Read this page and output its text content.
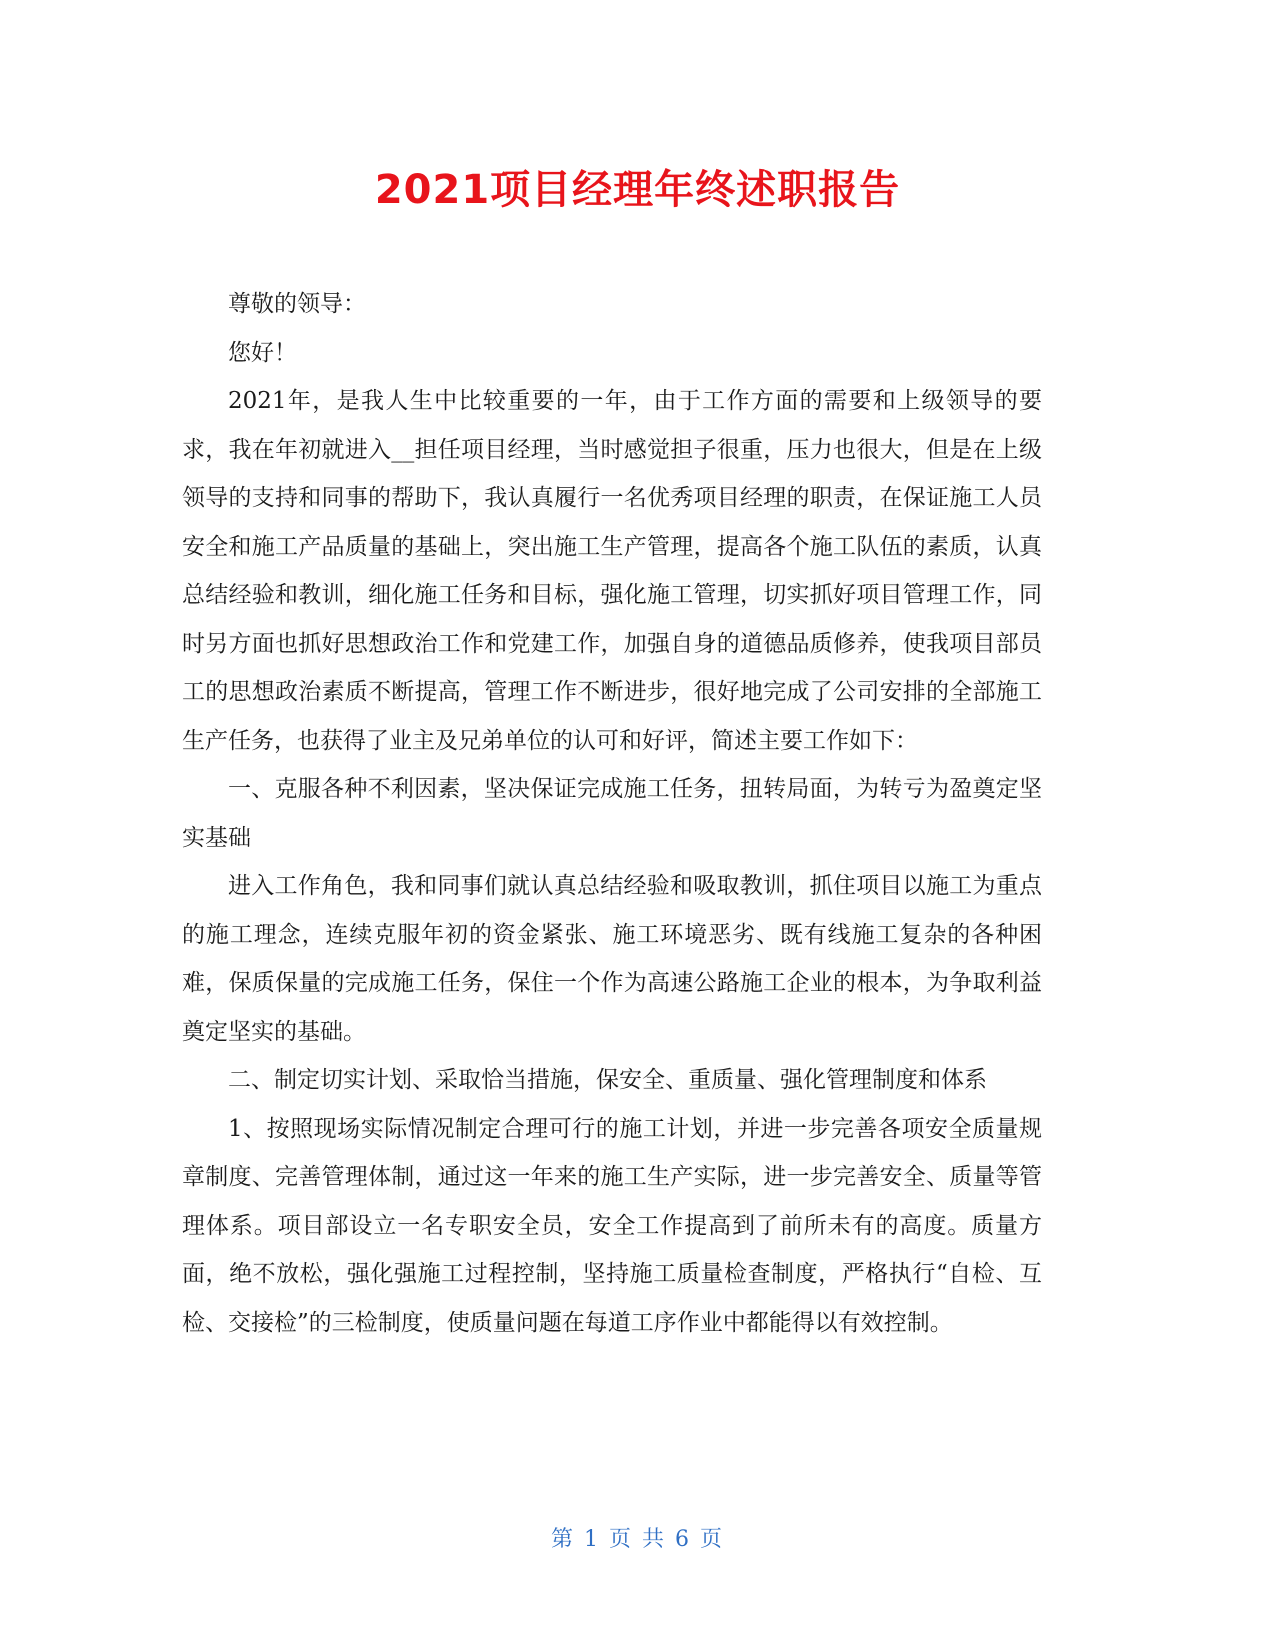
2021项目经理年终述职报告

尊敬的领导：

您好！

2021年，是我人生中比较重要的一年，由于工作方面的需要和上级领导的要求，我在年初就进入__担任项目经理，当时感觉担子很重，压力也很大，但是在上级领导的支持和同事的帮助下，我认真履行一名优秀项目经理的职责，在保证施工人员安全和施工产品质量的基础上，突出施工生产管理，提高各个施工队伍的素质，认真总结经验和教训，细化施工任务和目标，强化施工管理，切实抓好项目管理工作，同时另方面也抓好思想政治工作和党建工作，加强自身的道德品质修养，使我项目部员工的思想政治素质不断提高，管理工作不断进步，很好地完成了公司安排的全部施工生产任务，也获得了业主及兄弟单位的认可和好评，简述主要工作如下：

一、克服各种不利因素，坚决保证完成施工任务，扭转局面，为转亏为盈奠定坚实基础

进入工作角色，我和同事们就认真总结经验和吸取教训，抓住项目以施工为重点的施工理念，连续克服年初的资金紧张、施工环境恶劣、既有线施工复杂的各种困难，保质保量的完成施工任务，保住一个作为高速公路施工企业的根本，为争取利益奠定坚实的基础。

二、制定切实计划、采取恰当措施，保安全、重质量、强化管理制度和体系

1、按照现场实际情况制定合理可行的施工计划，并进一步完善各项安全质量规章制度、完善管理体制，通过这一年来的施工生产实际，进一步完善安全、质量等管理体系。项目部设立一名专职安全员，安全工作提高到了前所未有的高度。质量方面，绝不放松，强化强施工过程控制，坚持施工质量检查制度，严格执行“自检、互检、交接检”的三检制度，使质量问题在每道工序作业中都能得以有效控制。

第 1 页 共 6 页
